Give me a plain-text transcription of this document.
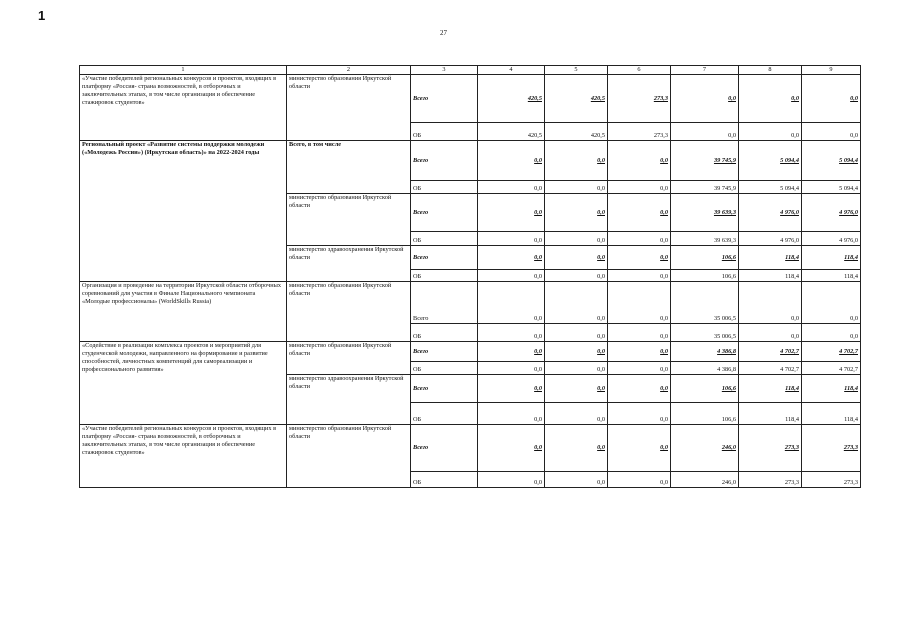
1
27
1	2	3	4	5	6	7	8	9
«Участие победителей региональных конкурсов и проектов, входящих в платформу «Россия- страна возможностей, в отборочных и заключительных этапах, в том числе организация и обеспечение стажировок студентов»	министерство образования Иркутской области	Всего	420,5	420,5	273,3	0,0	0,0	0,0
		ОБ	420,5	420,5	273,3	0,0	0,0	0,0
Региональный проект «Развитие системы поддержки молодежи («Молодежь России») (Иркутская область)» на 2022-2024 годы	Всего, в том числе	Всего	0,0	0,0	0,0	39 745,9	5 094,4	5 094,4
		ОБ	0,0	0,0	0,0	39 745,9	5 094,4	5 094,4
	министерство образования Иркутской области	Всего	0,0	0,0	0,0	39 639,3	4 976,0	4 976,0
		ОБ	0,0	0,0	0,0	39 639,3	4 976,0	4 976,0
	министерство здравоохранения Иркутской области	Всего	0,0	0,0	0,0	106,6	118,4	118,4
		ОБ	0,0	0,0	0,0	106,6	118,4	118,4
Организация и проведение на территории Иркутской области отборочных соревнований для участия в Финале Национального чемпионата «Молодые профессионалы» (WorldSkills Russia)	министерство образования Иркутской области	Всего	0,0	0,0	0,0	35 006,5	0,0	0,0
		ОБ	0,0	0,0	0,0	35 006,5	0,0	0,0
«Содействие в реализации комплекса проектов и мероприятий для студенческой молодежи, направленного на формирование и развитие способностей, личностных компетенций для самореализации и профессионального развития»	министерство образования Иркутской области	Всего	0,0	0,0	0,0	4 386,8	4 702,7	4 702,7
		ОБ	0,0	0,0	0,0	4 386,8	4 702,7	4 702,7
	министерство здравоохранения Иркутской области	Всего	0,0	0,0	0,0	106,6	118,4	118,4
		ОБ	0,0	0,0	0,0	106,6	118,4	118,4
«Участие победителей региональных конкурсов и проектов, входящих в платформу «Россия- страна возможностей, в отборочных и заключительных этапах, в том числе организация и обеспечение стажировок студентов»	министерство образования Иркутской области	Всего	0,0	0,0	0,0	246,0	273,3	273,3
		ОБ	0,0	0,0	0,0	246,0	273,3	273,3
